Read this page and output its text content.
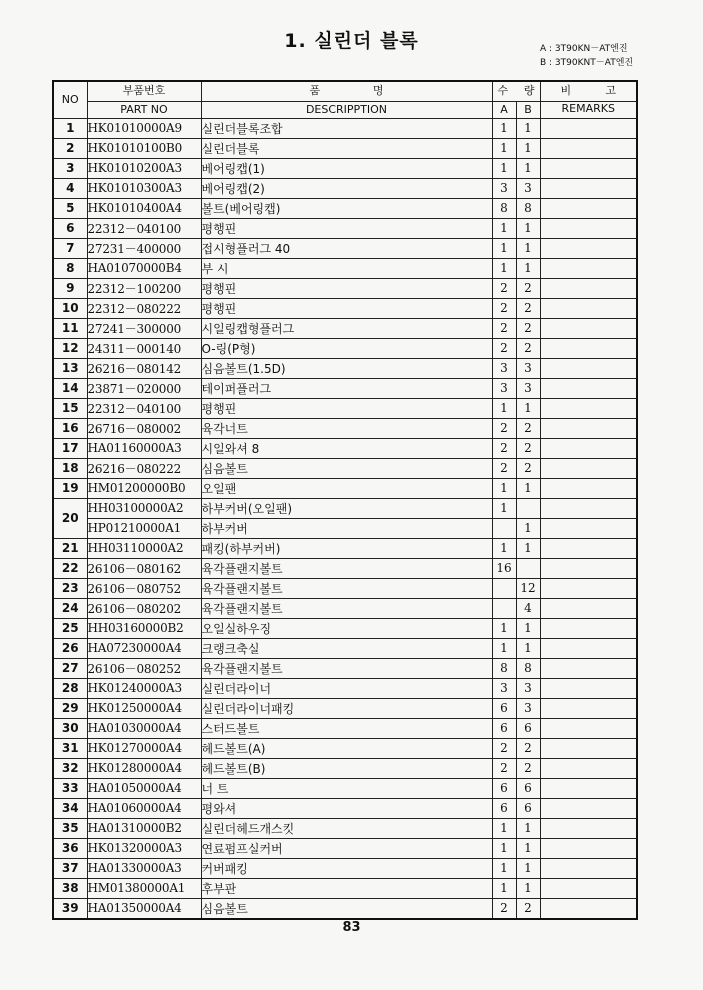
1. 실린더 블록	A : 3T90KN－AT엔진
B : 3T90KNT－AT엔진
NO	부품번호	품 명	수 량		비 고

	PART NO	DESCRIPPTION	A	B	REMARKS
1	HK01010000A9	실린더블록조합	1	1	
2	HK01010100B0	실린더블록	1	1	
3	HK01010200A3	베어링캡(1)	1	1	
4	HK01010300A3	베어링캡(2)	3	3	
5	HK01010400A4	볼트(베어링캡)	8	8	
6	22312－040100	평행핀	1	1	
7	27231－400000	접시형플러그 40	1	1	
8	HA01070000B4	부 시	1	1	
9	22312－100200	평행핀	2	2	
10	22312－080222	평행핀	2	2	
11	27241－300000	시일링캡형플러그	2	2	
12	24311－000140	O-링(P형)	2	2	
13	26216－080142	심음볼트(1.5D)	3	3	
14	23871－020000	테이퍼플러그	3	3	
15	22312－040100	평행핀	1	1	
16	26716－080002	육각너트	2	2	
17	HA01160000A3	시일와셔 8	2	2	
18	26216－080222	심음볼트	2	2	
19	HM01200000B0	오일팬	1	1	
20	HH03100000A2	하부커버(오일팬)	1		
	HP01210000A1	하부커버		1	
21	HH03110000A2	패킹(하부커버)	1	1	
22	26106－080162	육각플랜지볼트	16		
23	26106－080752	육각플랜지볼트		12	
24	26106－080202	육각플랜지볼트		4	
25	HH03160000B2	오일실하우징	1	1	
26	HA07230000A4	크랭크축실	1	1	
27	26106－080252	육각플랜지볼트	8	8	
28	HK01240000A3	실린더라이너	3	3	
29	HK01250000A4	실린더라이너패킹	6	3	
30	HA01030000A4	스터드볼트	6	6	
31	HK01270000A4	헤드볼트(A)	2	2	
32	HK01280000A4	헤드볼트(B)	2	2	
33	HA01050000A4	너 트	6	6	
34	HA01060000A4	평와셔	6	6	
35	HA01310000B2	실린더헤드개스킷	1	1	
36	HK01320000A3	연료펌프실커버	1	1	
37	HA01330000A3	커버패킹	1	1	
38	HM01380000A1	후부판	1	1	
39	HA01350000A4	심음볼트	2	2	
83
